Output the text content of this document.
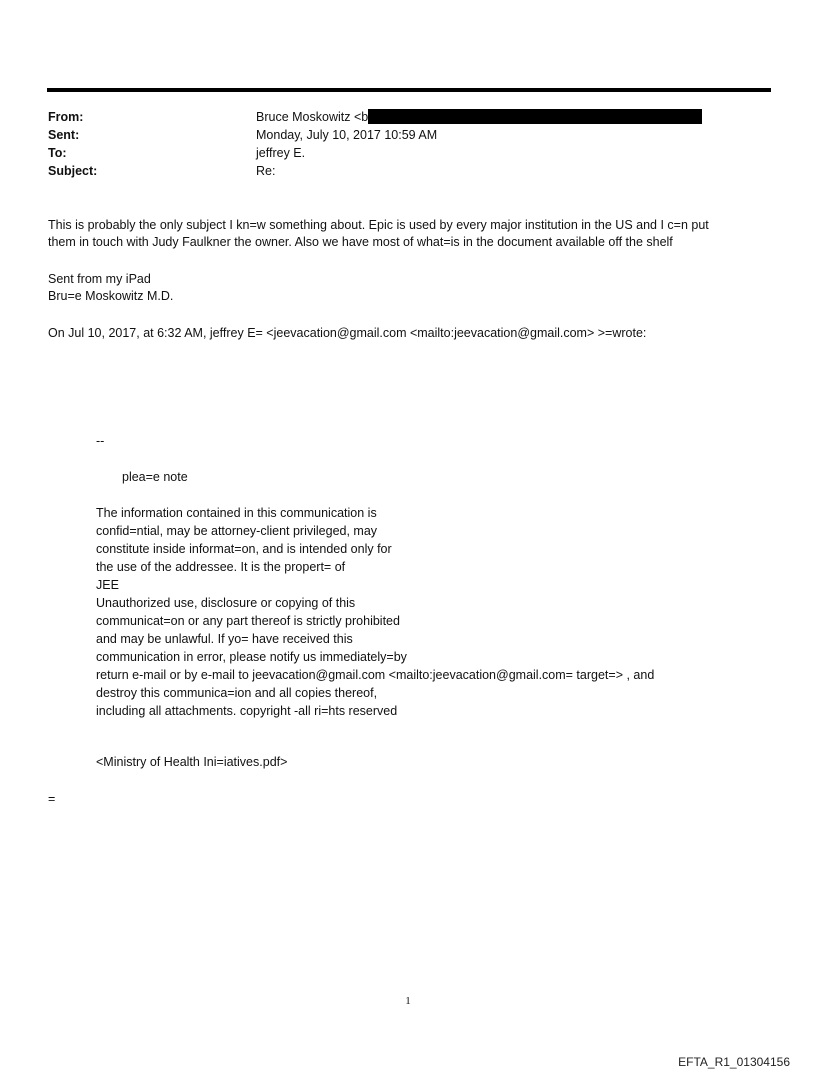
From:	Bruce Moskowitz <b
Sent:	Monday, July 10, 2017 10:59 AM
To:	jeffrey E.
Subject:	Re:
This is probably the only subject I kn=w something about. Epic is used by every major institution in the US and I c=n put
them in touch with Judy Faulkner the owner. Also we have most of what=is in the document available off the shelf
Sent from my iPad
Bru=e Moskowitz M.D.
On Jul 10, 2017, at 6:32 AM, jeffrey E= <jeevacation@gmail.com <mailto:jeevacation@gmail.com> >=wrote:
--
plea=e note
The information contained in this communication is
confid=ntial, may be attorney-client privileged, may
constitute inside informat=on, and is intended only for
the use of the addressee. It is the propert= of
JEE
Unauthorized use, disclosure or copying of this
communicat=on or any part thereof is strictly prohibited
and may be unlawful. If yo= have received this
communication in error, please notify us immediately=by
return e-mail or by e-mail to jeevacation@gmail.com <mailto:jeevacation@gmail.com= target=> , and
destroy this communica=ion and all copies thereof,
including all attachments. copyright -all ri=hts reserved
<Ministry of Health Ini=iatives.pdf>
=
1
EFTA_R1_01304156
